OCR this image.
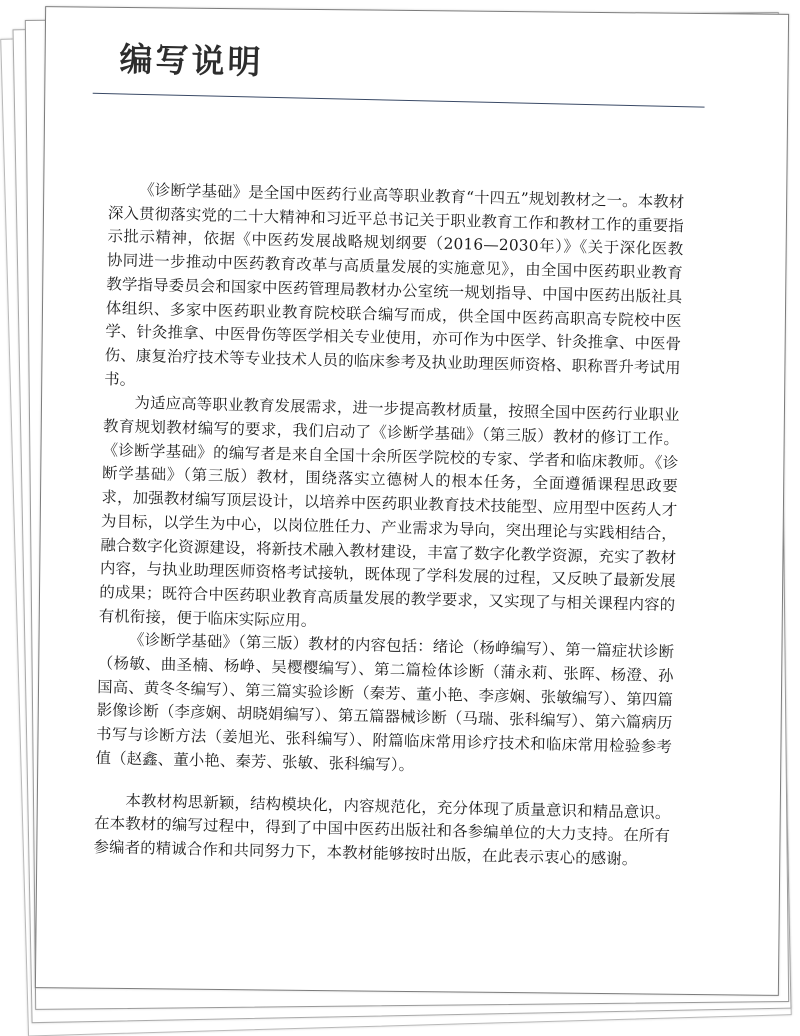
编写说明

《诊断学基础》是全国中医药行业高等职业教育“十四五”规划教材之一。本教材深入贯彻落实党的二十大精神和习近平总书记关于职业教育工作和教材工作的重要指示批示精神，依据《中医药发展战略规划纲要（2016—2030年）》《关于深化医教协同进一步推动中医药教育改革与高质量发展的实施意见》，由全国中医药职业教育教学指导委员会和国家中医药管理局教材办公室统一规划指导、中国中医药出版社具体组织、多家中医药职业教育院校联合编写而成，供全国中医药高职高专院校中医学、针灸推拿、中医骨伤等医学相关专业使用，亦可作为中医学、针灸推拿、中医骨伤、康复治疗技术等专业技术人员的临床参考及执业助理医师资格、职称晋升考试用书。

为适应高等职业教育发展需求，进一步提高教材质量，按照全国中医药行业职业教育规划教材编写的要求，我们启动了《诊断学基础》（第三版）教材的修订工作。《诊断学基础》的编写者是来自全国十余所医学院校的专家、学者和临床教师。《诊断学基础》（第三版）教材，围绕落实立德树人的根本任务，全面遵循课程思政要求，加强教材编写顶层设计，以培养中医药职业教育技术技能型、应用型中医药人才为目标，以学生为中心，以岗位胜任力、产业需求为导向，突出理论与实践相结合，融合数字化资源建设，将新技术融入教材建设，丰富了数字化教学资源，充实了教材内容，与执业助理医师资格考试接轨，既体现了学科发展的过程，又反映了最新发展的成果；既符合中医药职业教育高质量发展的教学要求，又实现了与相关课程内容的有机衔接，便于临床实际应用。

《诊断学基础》（第三版）教材的内容包括：绪论（杨峥编写）、第一篇症状诊断（杨敏、曲圣楠、杨峥、吴樱樱编写）、第二篇检体诊断（蒲永莉、张晖、杨澄、孙国高、黄冬冬编写）、第三篇实验诊断（秦芳、董小艳、李彦娴、张敏编写）、第四篇影像诊断（李彦娴、胡晓娟编写）、第五篇器械诊断（马瑞、张科编写）、第六篇病历书写与诊断方法（姜旭光、张科编写）、附篇临床常用诊疗技术和临床常用检验参考值（赵鑫、董小艳、秦芳、张敏、张科编写）。

本教材构思新颖，结构模块化，内容规范化，充分体现了质量意识和精品意识。在本教材的编写过程中，得到了中国中医药出版社和各参编单位的大力支持。在所有参编者的精诚合作和共同努力下，本教材能够按时出版，在此表示衷心的感谢。
